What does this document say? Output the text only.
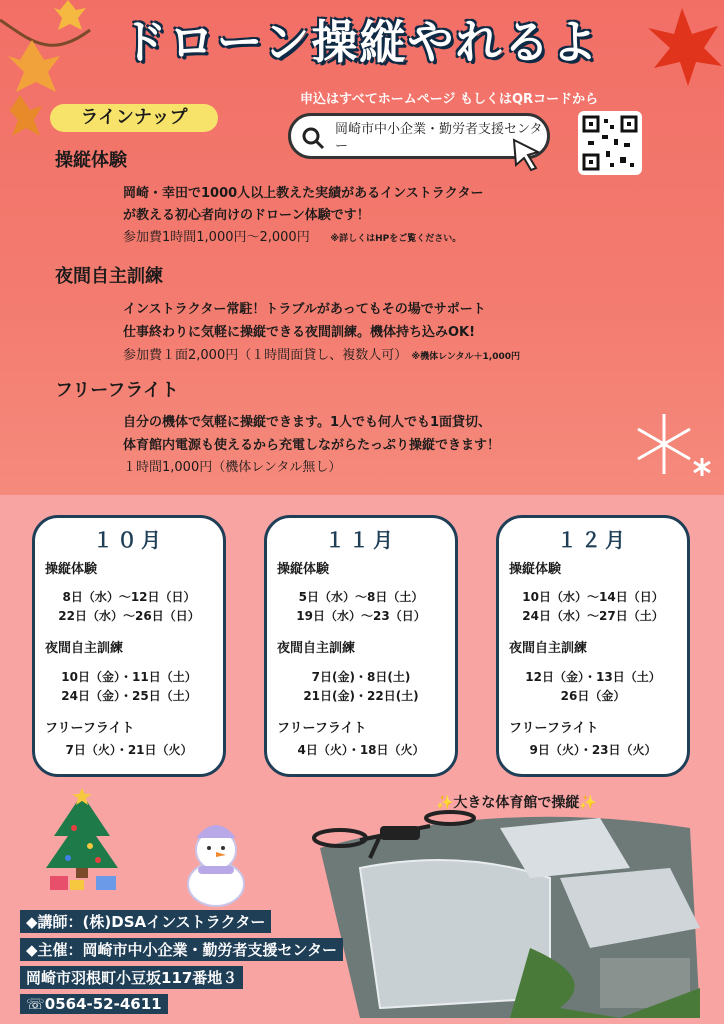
ドローン操縦やれるよ
申込はすべてホームページ もしくはQRコードから
ラインナップ
岡崎市中小企業・勤労者支援センター
操縦体験
岡崎・幸田で1000人以上教えた実績があるインストラクター
が教える初心者向けのドローン体験です！
参加費1時間1,000円〜2,000円 ※詳しくはHPをご覧ください。
夜間自主訓練
インストラクター常駐！トラブルがあってもその場でサポート
仕事終わりに気軽に操縦できる夜間訓練。機体持ち込みOK!
参加費１面2,000円（１時間面貸し、複数人可） ※機体レンタル＋1,000円
フリーフライト
自分の機体で気軽に操縦できます。1人でも何人でも1面貸切、
体育館内電源も使えるから充電しながらたっぷり操縦できます！
１時間1,000円（機体レンタル無し）
１０月
操縦体験
8日（水）〜12日（日）
22日（水）〜26日（日）
夜間自主訓練
10日（金）・11日（土）
24日（金）・25日（土）
フリーフライト
7日（火）・21日（火）
１１月
操縦体験
5日（水）〜8日（土）
19日（水）〜23（日）
夜間自主訓練
7日(金)・8日(土)
21日(金)・22日(土)
フリーフライト
4日（火）・18日（火）
１２月
操縦体験
10日（水）〜14日（日）
24日（水）〜27日（土）
夜間自主訓練
12日（金）・13日（土）
26日（金）
フリーフライト
9日（火）・23日（火）
✨大きな体育館で操縦✨
◆講師：(株)DSAインストラクター
◆主催：岡崎市中小企業・勤労者支援センター
岡崎市羽根町小豆坂117番地３
☏0564-52-4611
